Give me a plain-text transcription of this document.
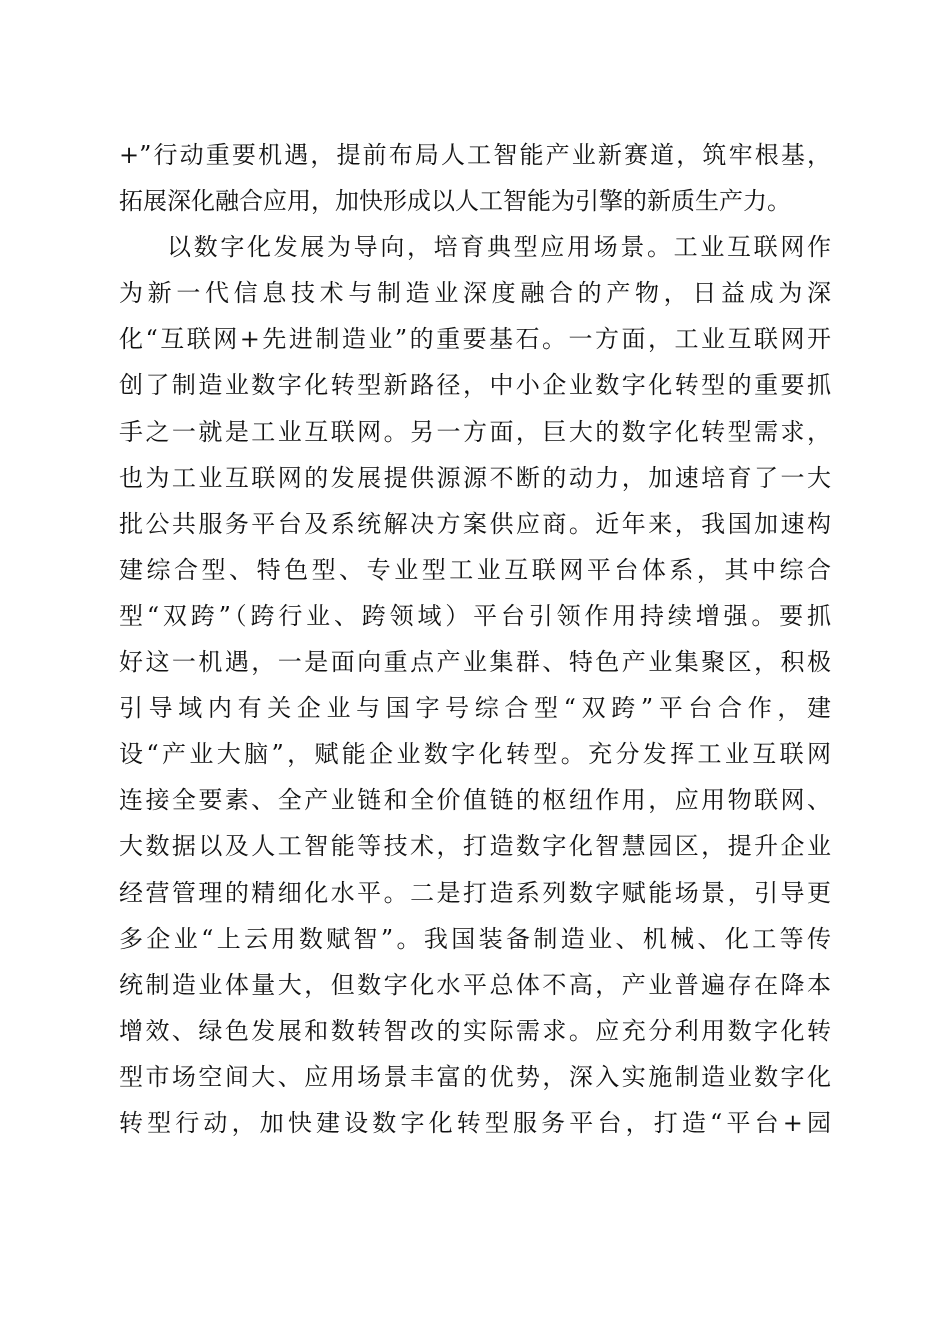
+”行动重要机遇，提前布局人工智能产业新赛道，筑牢根基，
拓展深化融合应用，加快形成以人工智能为引擎的新质生产力。
以数字化发展为导向，培育典型应用场景。工业互联网作
为新一代信息技术与制造业深度融合的产物，日益成为深
化“互联网+先进制造业”的重要基石。一方面，工业互联网开
创了制造业数字化转型新路径，中小企业数字化转型的重要抓
手之一就是工业互联网。另一方面，巨大的数字化转型需求，
也为工业互联网的发展提供源源不断的动力，加速培育了一大
批公共服务平台及系统解决方案供应商。近年来，我国加速构
建综合型、特色型、专业型工业互联网平台体系，其中综合
型“双跨”（跨行业、跨领域）平台引领作用持续增强。要抓
好这一机遇，一是面向重点产业集群、特色产业集聚区，积极
引导域内有关企业与国字号综合型“双跨”平台合作，建
设“产业大脑”，赋能企业数字化转型。充分发挥工业互联网
连接全要素、全产业链和全价值链的枢纽作用，应用物联网、
大数据以及人工智能等技术，打造数字化智慧园区，提升企业
经营管理的精细化水平。二是打造系列数字赋能场景，引导更
多企业“上云用数赋智”。我国装备制造业、机械、化工等传
统制造业体量大，但数字化水平总体不高，产业普遍存在降本
增效、绿色发展和数转智改的实际需求。应充分利用数字化转
型市场空间大、应用场景丰富的优势，深入实施制造业数字化
转型行动，加快建设数字化转型服务平台，打造“平台+园
